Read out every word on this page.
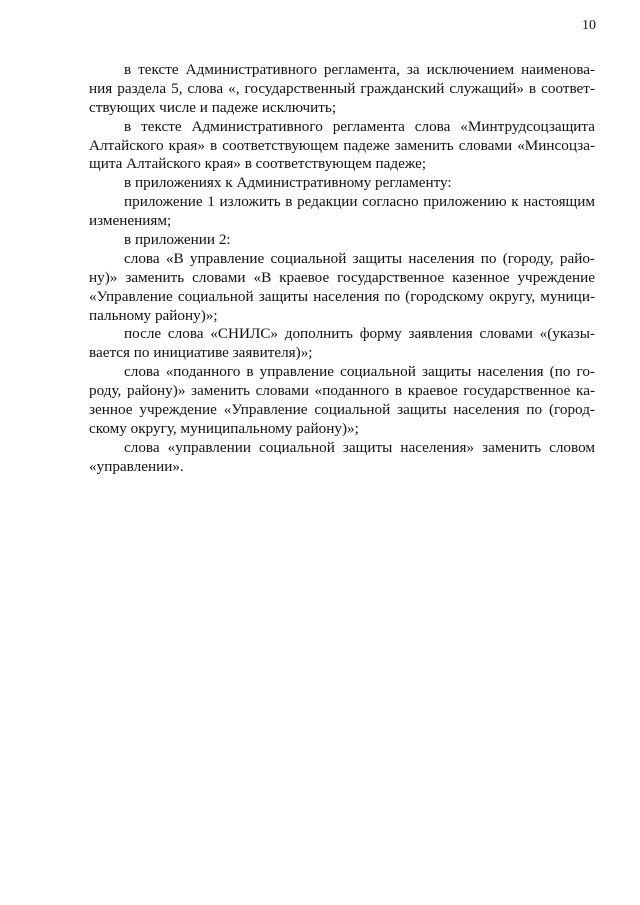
10
в тексте Административного регламента, за исключением наименова-
ния раздела 5, слова «, государственный гражданский служащий» в соответ-
ствующих числе и падеже исключить;
в тексте Административного регламента слова «Минтрудсоцзащита
Алтайского края» в соответствующем падеже заменить словами «Минсоцза-
щита Алтайского края» в соответствующем падеже;
в приложениях к Административному регламенту:
приложение 1 изложить в редакции согласно приложению к настоящим
изменениям;
в приложении 2:
слова «В управление социальной защиты населения по (городу, райо-
ну)» заменить словами «В краевое государственное казенное учреждение
«Управление социальной защиты населения по (городскому округу, муници-
пальному району)»;
после слова «СНИЛС» дополнить форму заявления словами «(указы-
вается по инициативе заявителя)»;
слова «поданного в управление социальной защиты населения (по го-
роду, району)» заменить словами «поданного в краевое государственное ка-
зенное учреждение «Управление социальной защиты населения по (город-
скому округу, муниципальному району)»;
слова «управлении социальной защиты населения» заменить словом
«управлении».
